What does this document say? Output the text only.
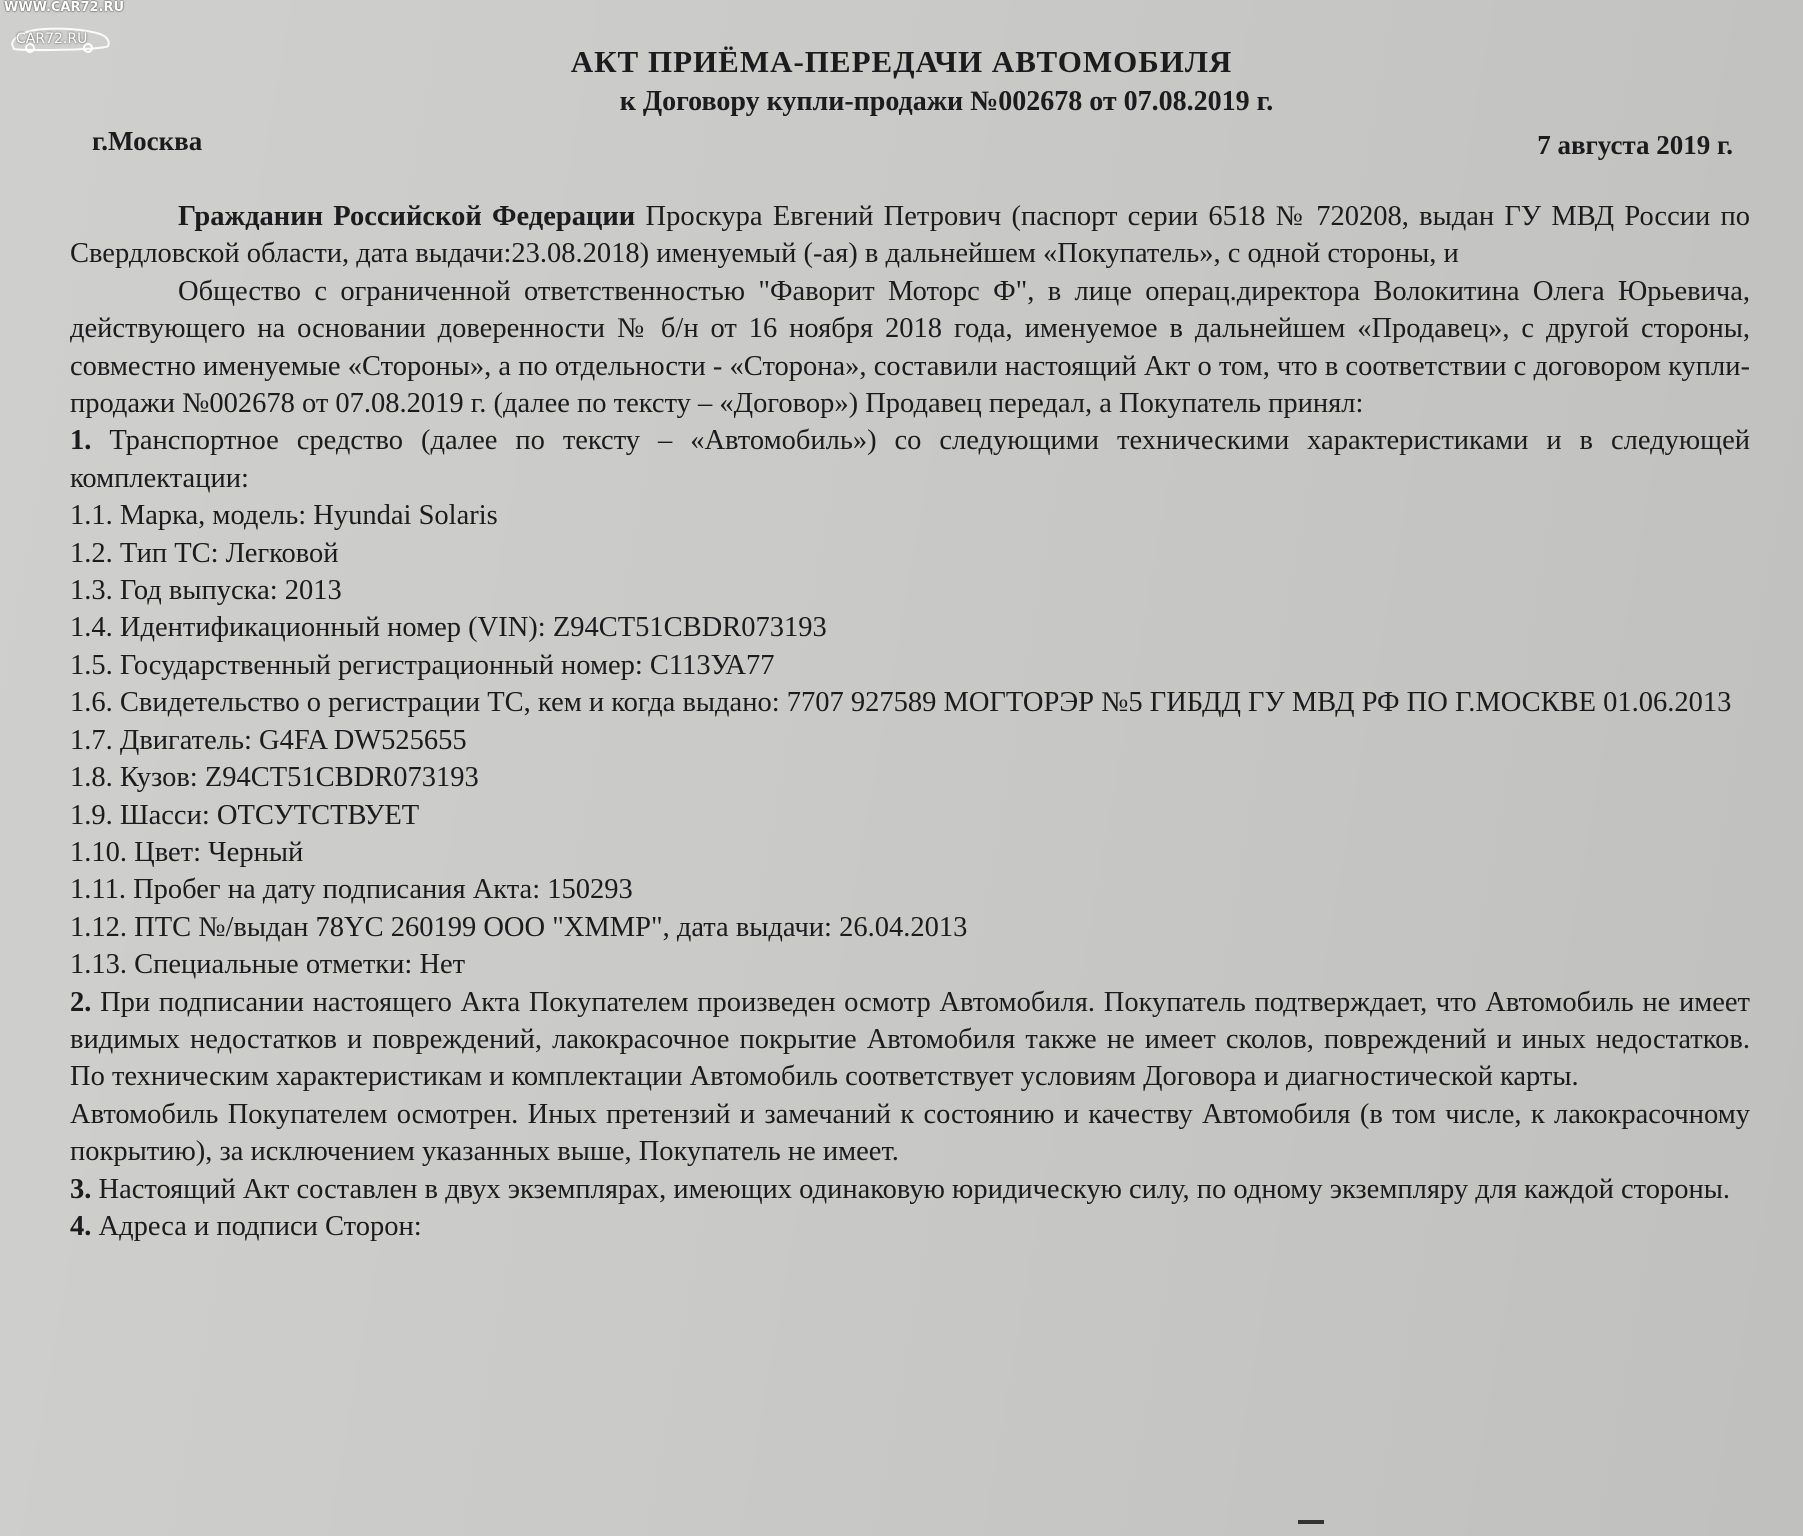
WWW.CAR72.RU
CAR72.RU
АКТ ПРИЁМА-ПЕРЕДАЧИ АВТОМОБИЛЯ
к Договору купли-продажи №002678 от 07.08.2019 г.
г.Москва	7 августа 2019 г.

Гражданин Российской Федерации Проскура Евгений Петрович (паспорт серии 6518 № 720208, выдан ГУ МВД России по Свердловской области, дата выдачи:23.08.2018) именуемый (-ая) в дальнейшем «Покупатель», с одной стороны, и

Общество с ограниченной ответственностью "Фаворит Моторс Ф", в лице операц.директора Волокитина Олега Юрьевича, действующего на основании доверенности № б/н от 16 ноября 2018 года, именуемое в дальнейшем «Продавец», с другой стороны, совместно именуемые «Стороны», а по отдельности - «Сторона», составили настоящий Акт о том, что в соответствии с договором купли-продажи №002678 от 07.08.2019 г. (далее по тексту – «Договор») Продавец передал, а Покупатель принял:

1. Транспортное средство (далее по тексту – «Автомобиль») со следующими техническими характеристиками и в следующей комплектации:

1.1. Марка, модель: Hyundai Solaris

1.2. Тип ТС: Легковой

1.3. Год выпуска: 2013

1.4. Идентификационный номер (VIN): Z94CT51CBDR073193

1.5. Государственный регистрационный номер: С113УА77

1.6. Свидетельство о регистрации ТС, кем и когда выдано: 7707 927589 МОГТОРЭР №5 ГИБДД ГУ МВД РФ ПО Г.МОСКВЕ 01.06.2013

1.7. Двигатель: G4FA DW525655

1.8. Кузов: Z94CT51CBDR073193

1.9. Шасси: ОТСУТСТВУЕТ

1.10. Цвет: Черный

1.11. Пробег на дату подписания Акта: 150293

1.12. ПТС №/выдан 78YC 260199 ООО "ХММР", дата выдачи: 26.04.2013

1.13. Специальные отметки: Нет

2. При подписании настоящего Акта Покупателем произведен осмотр Автомобиля. Покупатель подтверждает, что Автомобиль не имеет видимых недостатков и повреждений, лакокрасочное покрытие Автомобиля также не имеет сколов, повреждений и иных недостатков. По техническим характеристикам и комплектации Автомобиль соответствует условиям Договора и диагностической карты.

Автомобиль Покупателем осмотрен. Иных претензий и замечаний к состоянию и качеству Автомобиля (в том числе, к лакокрасочному покрытию), за исключением указанных выше, Покупатель не имеет.

3. Настоящий Акт составлен в двух экземплярах, имеющих одинаковую юридическую силу, по одному экземпляру для каждой стороны.

4. Адреса и подписи Сторон:
